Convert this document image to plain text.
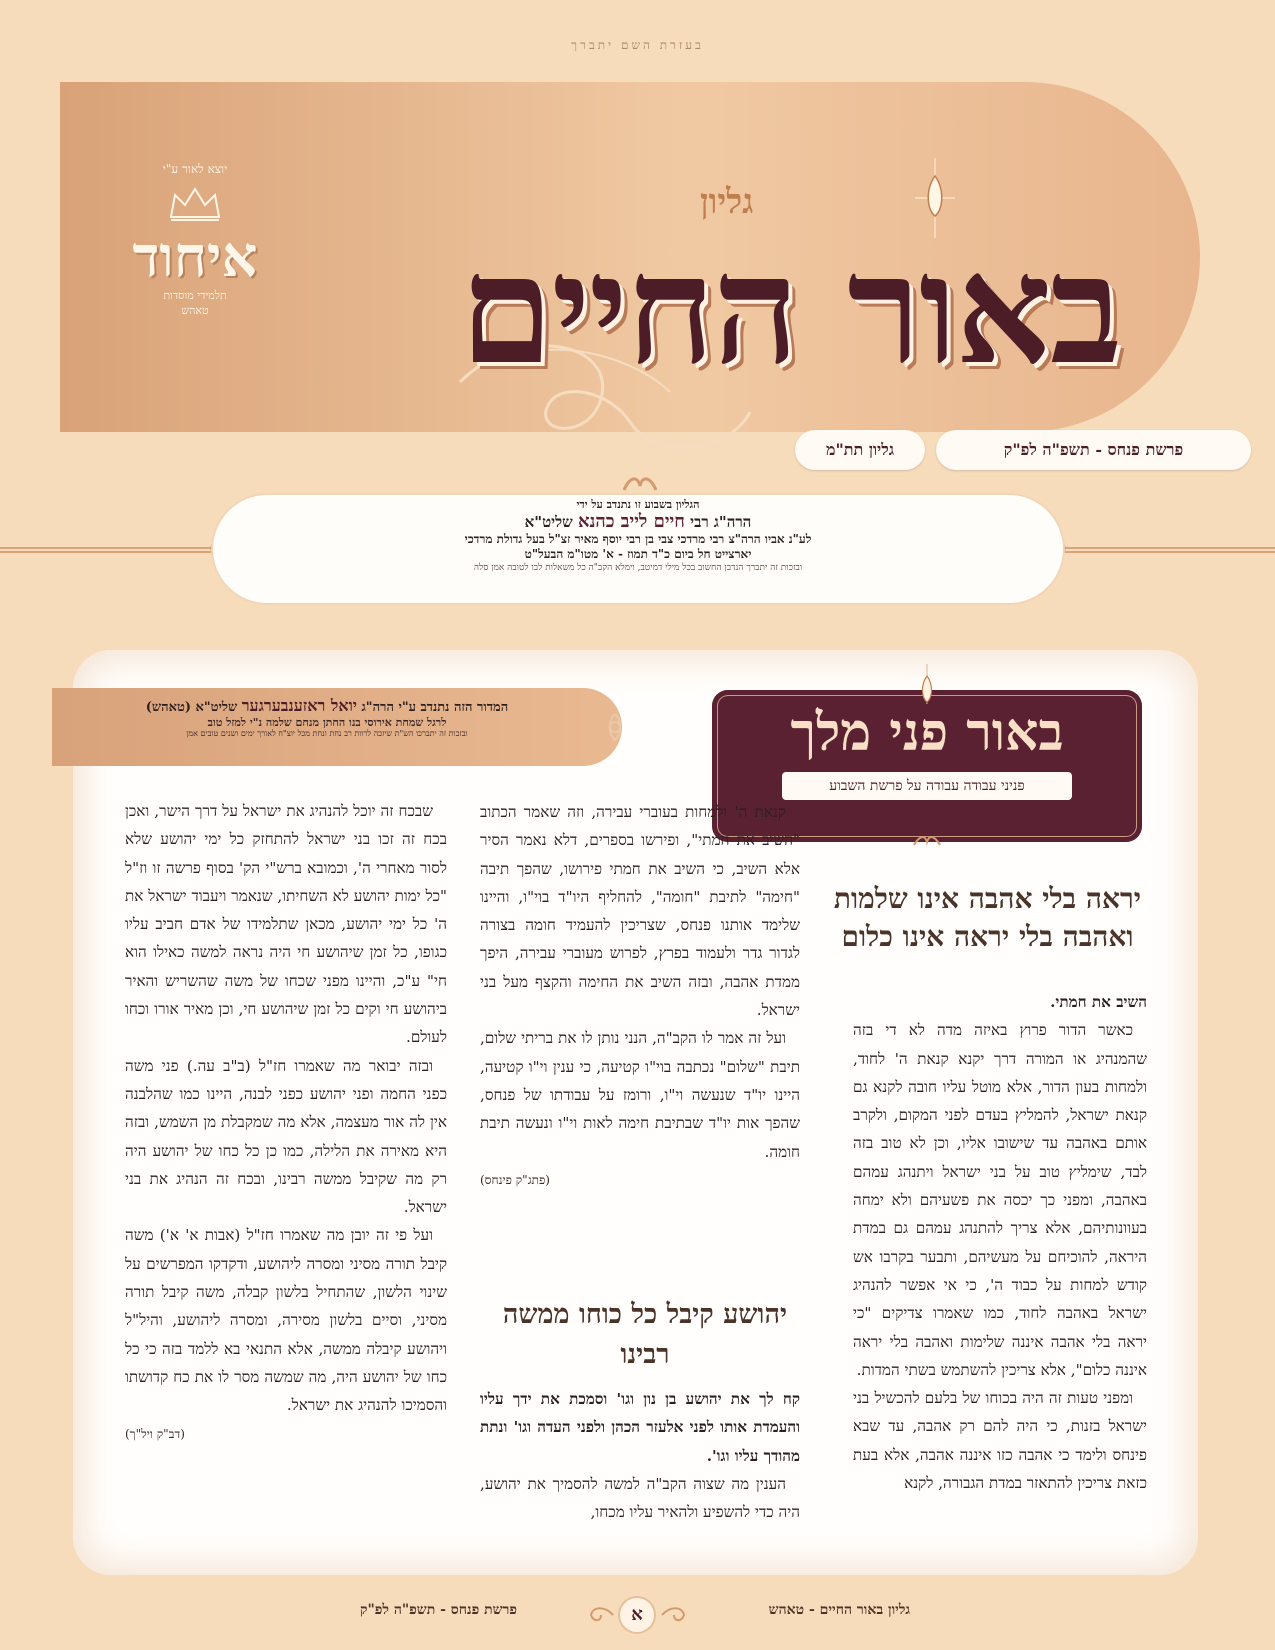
בעזרת השם יתברך
יוצא לאור ע"י
איחוד
תלמידי מוסדות
טאהש
גליון
באור החיים
פרשת פנחס - תשפ"ה לפ"ק
גליון תת"מ
הגליון בשבוע זו נתנדב על ידי
הרה"ג רבי חיים לייב כהנא שליט"א
לע"נ אביו הרה"צ רבי מרדכי צבי בן רבי יוסף מאיר זצ"ל בעל גדולת מרדכי
יארצייט חל ביום כ"ד תמוז - א' מטו"מ הבעל"ט
ובזכות זה יתברך הנדבן החשוב בכל מילי דמיטב, וימלא הקב"ה כל משאלות לבו לטובה אמן סלה
המדור הזה נתנדב ע"י הרה"ג יואל ראזענבערגער שליט"א (טאהש)
לרגל שמחת אירוסי בנו החתן מנחם שלמה נ"י למזל טוב
ובזכות זה יתברכו הש"ת שיזכה לרוות רב נחת ונחת מכל יוצ"ח לאורך ימים ושנים טובים אמן	באור פני מלך
פניני עבודה עבודה על פרשת השבוע
יראה בלי אהבה אינו שלמות ואהבה בלי יראה אינו כלום
יהושע קיבל כל כוחו ממשה רבינו

השיב את חמתי.

כאשר הדור פרוץ באיזה מדה לא די בזה שהמנהיג או המורה דרך יקנא קנאת ה' לחוד, ולמחות בעון הדור, אלא מוטל עליו חובה לקנא גם קנאת ישראל, להמליץ בעדם לפני המקום, ולקרב אותם באהבה עד שישובו אליו, וכן לא טוב בזה לבד, שימליץ טוב על בני ישראל ויתנהג עמהם באהבה, ומפני כך יכסה את פשעיהם ולא ימחה בעוונותיהם, אלא צריך להתנהג עמהם גם במדת היראה, להוכיחם על מעשיהם, ותבער בקרבו אש קודש למחות על כבוד ה', כי אי אפשר להנהיג ישראל באהבה לחוד, כמו שאמרו צדיקים "כי יראה בלי אהבה איננה שלימות ואהבה בלי יראה איננה כלום", אלא צריכין להשתמש בשתי המדות.

ומפני טעות זה היה בכוחו של בלעם להכשיל בני ישראל בזנות, כי היה להם רק אהבה, עד שבא פינחס ולימד כי אהבה כזו איננה אהבה, אלא בעת כזאת צריכין להתאזר במדת הגבורה, לקנא

קנאת ה' ולמחות בעוברי עבירה, וזה שאמר הכתוב "השיב את חמתי", ופירשו בספרים, דלא נאמר הסיר אלא השיב, כי השיב את חמתי פירושו, שהפך תיבה "חימה" לתיבת "חומה", להחליף היו"ד בוי"ו, והיינו שלימד אותנו פנחס, שצריכין להעמיד חומה בצורה לגדור גדר ולעמוד בפרץ, לפרוש מעוברי עבירה, היפך ממדת אהבה, ובזה השיב את החימה והקצף מעל בני ישראל.

ועל זה אמר לו הקב"ה, הנני נותן לו את בריתי שלום, תיבת "שלום" נכתבה בוי"ו קטיעה, כי ענין וי"ו קטיעה, היינו יו"ד שנעשה וי"ו, ורומז על עבודתו של פנחס, שהפך אות יו"ד שבתיבת חימה לאות וי"ו ונעשה תיבת חומה.

(פתג"ק פינחס)

קח לך את יהושע בן נון וגו' וסמכת את ידך עליו והעמדת אותו לפני אלעזר הכהן ולפני העדה וגו' ונתת מהודך עליו וגו'.

הענין מה שצוה הקב"ה למשה להסמיך את יהושע, היה כדי להשפיע ולהאיר עליו מכחו,

שבכח זה יוכל להנהיג את ישראל על דרך הישר, ואכן בכח זה זכו בני ישראל להתחזק כל ימי יהושע שלא לסור מאחרי ה', וכמובא ברש"י הק' בסוף פרשה זו וז"ל "כל ימות יהושע לא השחיתו, שנאמר ויעבוד ישראל את ה' כל ימי יהושע, מכאן שתלמידו של אדם חביב עליו כגופו, כל זמן שיהושע חי היה נראה למשה כאילו הוא חי" ע"כ, והיינו מפני שכחו של משה שהשריש והאיר ביהושע חי וקים כל זמן שיהושע חי, וכן מאיר אורו וכחו לעולם.

ובזה יבואר מה שאמרו חז"ל (ב"ב עה.) פני משה כפני החמה ופני יהושע כפני לבנה, היינו כמו שהלבנה אין לה אור מעצמה, אלא מה שמקבלת מן השמש, ובזה היא מאירה את הלילה, כמו כן כל כחו של יהושע היה רק מה שקיבל ממשה רבינו, ובכח זה הנהיג את בני ישראל.

ועל פי זה יובן מה שאמרו חז"ל (אבות א' א') משה קיבל תורה מסיני ומסרה ליהושע, ודקדקו המפרשים על שינוי הלשון, שהתחיל בלשון קבלה, משה קיבל תורה מסיני, וסיים בלשון מסירה, ומסרה ליהושע, והיל"ל ויהושע קיבלה ממשה, אלא התנאי בא ללמד בזה כי כל כחו של יהושע היה, מה שמשה מסר לו את כח קדושתו והסמיכו להנהיג את ישראל.

(דב"ק ויל"ך)

גליון באור החיים - טאהש
א
פרשת פנחס - תשפ"ה לפ"ק
